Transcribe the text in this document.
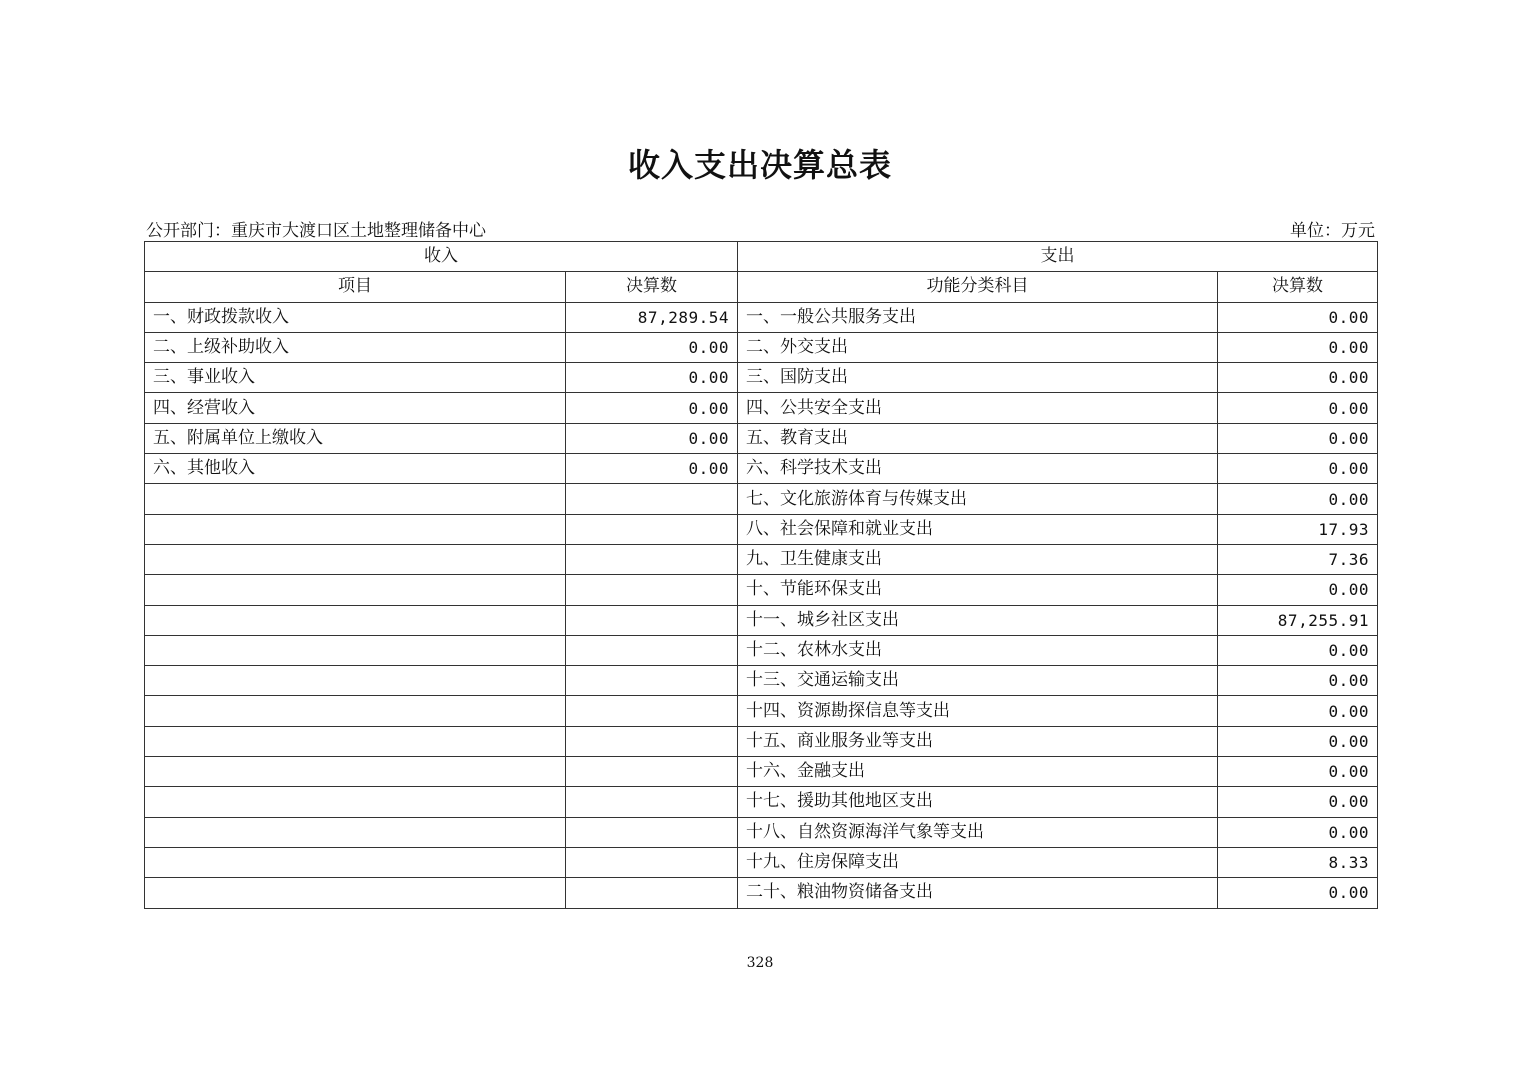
收入支出决算总表
公开部门：重庆市大渡口区土地整理储备中心	单位：万元
收入		支出	
项目	决算数	功能分类科目	决算数
一、财政拨款收入	87,289.54	一、一般公共服务支出	0.00
二、上级补助收入	0.00	二、外交支出	0.00
三、事业收入	0.00	三、国防支出	0.00
四、经营收入	0.00	四、公共安全支出	0.00
五、附属单位上缴收入	0.00	五、教育支出	0.00
六、其他收入	0.00	六、科学技术支出	0.00
		七、文化旅游体育与传媒支出	0.00
		八、社会保障和就业支出	17.93
		九、卫生健康支出	7.36
		十、节能环保支出	0.00
		十一、城乡社区支出	87,255.91
		十二、农林水支出	0.00
		十三、交通运输支出	0.00
		十四、资源勘探信息等支出	0.00
		十五、商业服务业等支出	0.00
		十六、金融支出	0.00
		十七、援助其他地区支出	0.00
		十八、自然资源海洋气象等支出	0.00
		十九、住房保障支出	8.33
		二十、粮油物资储备支出	0.00
328
